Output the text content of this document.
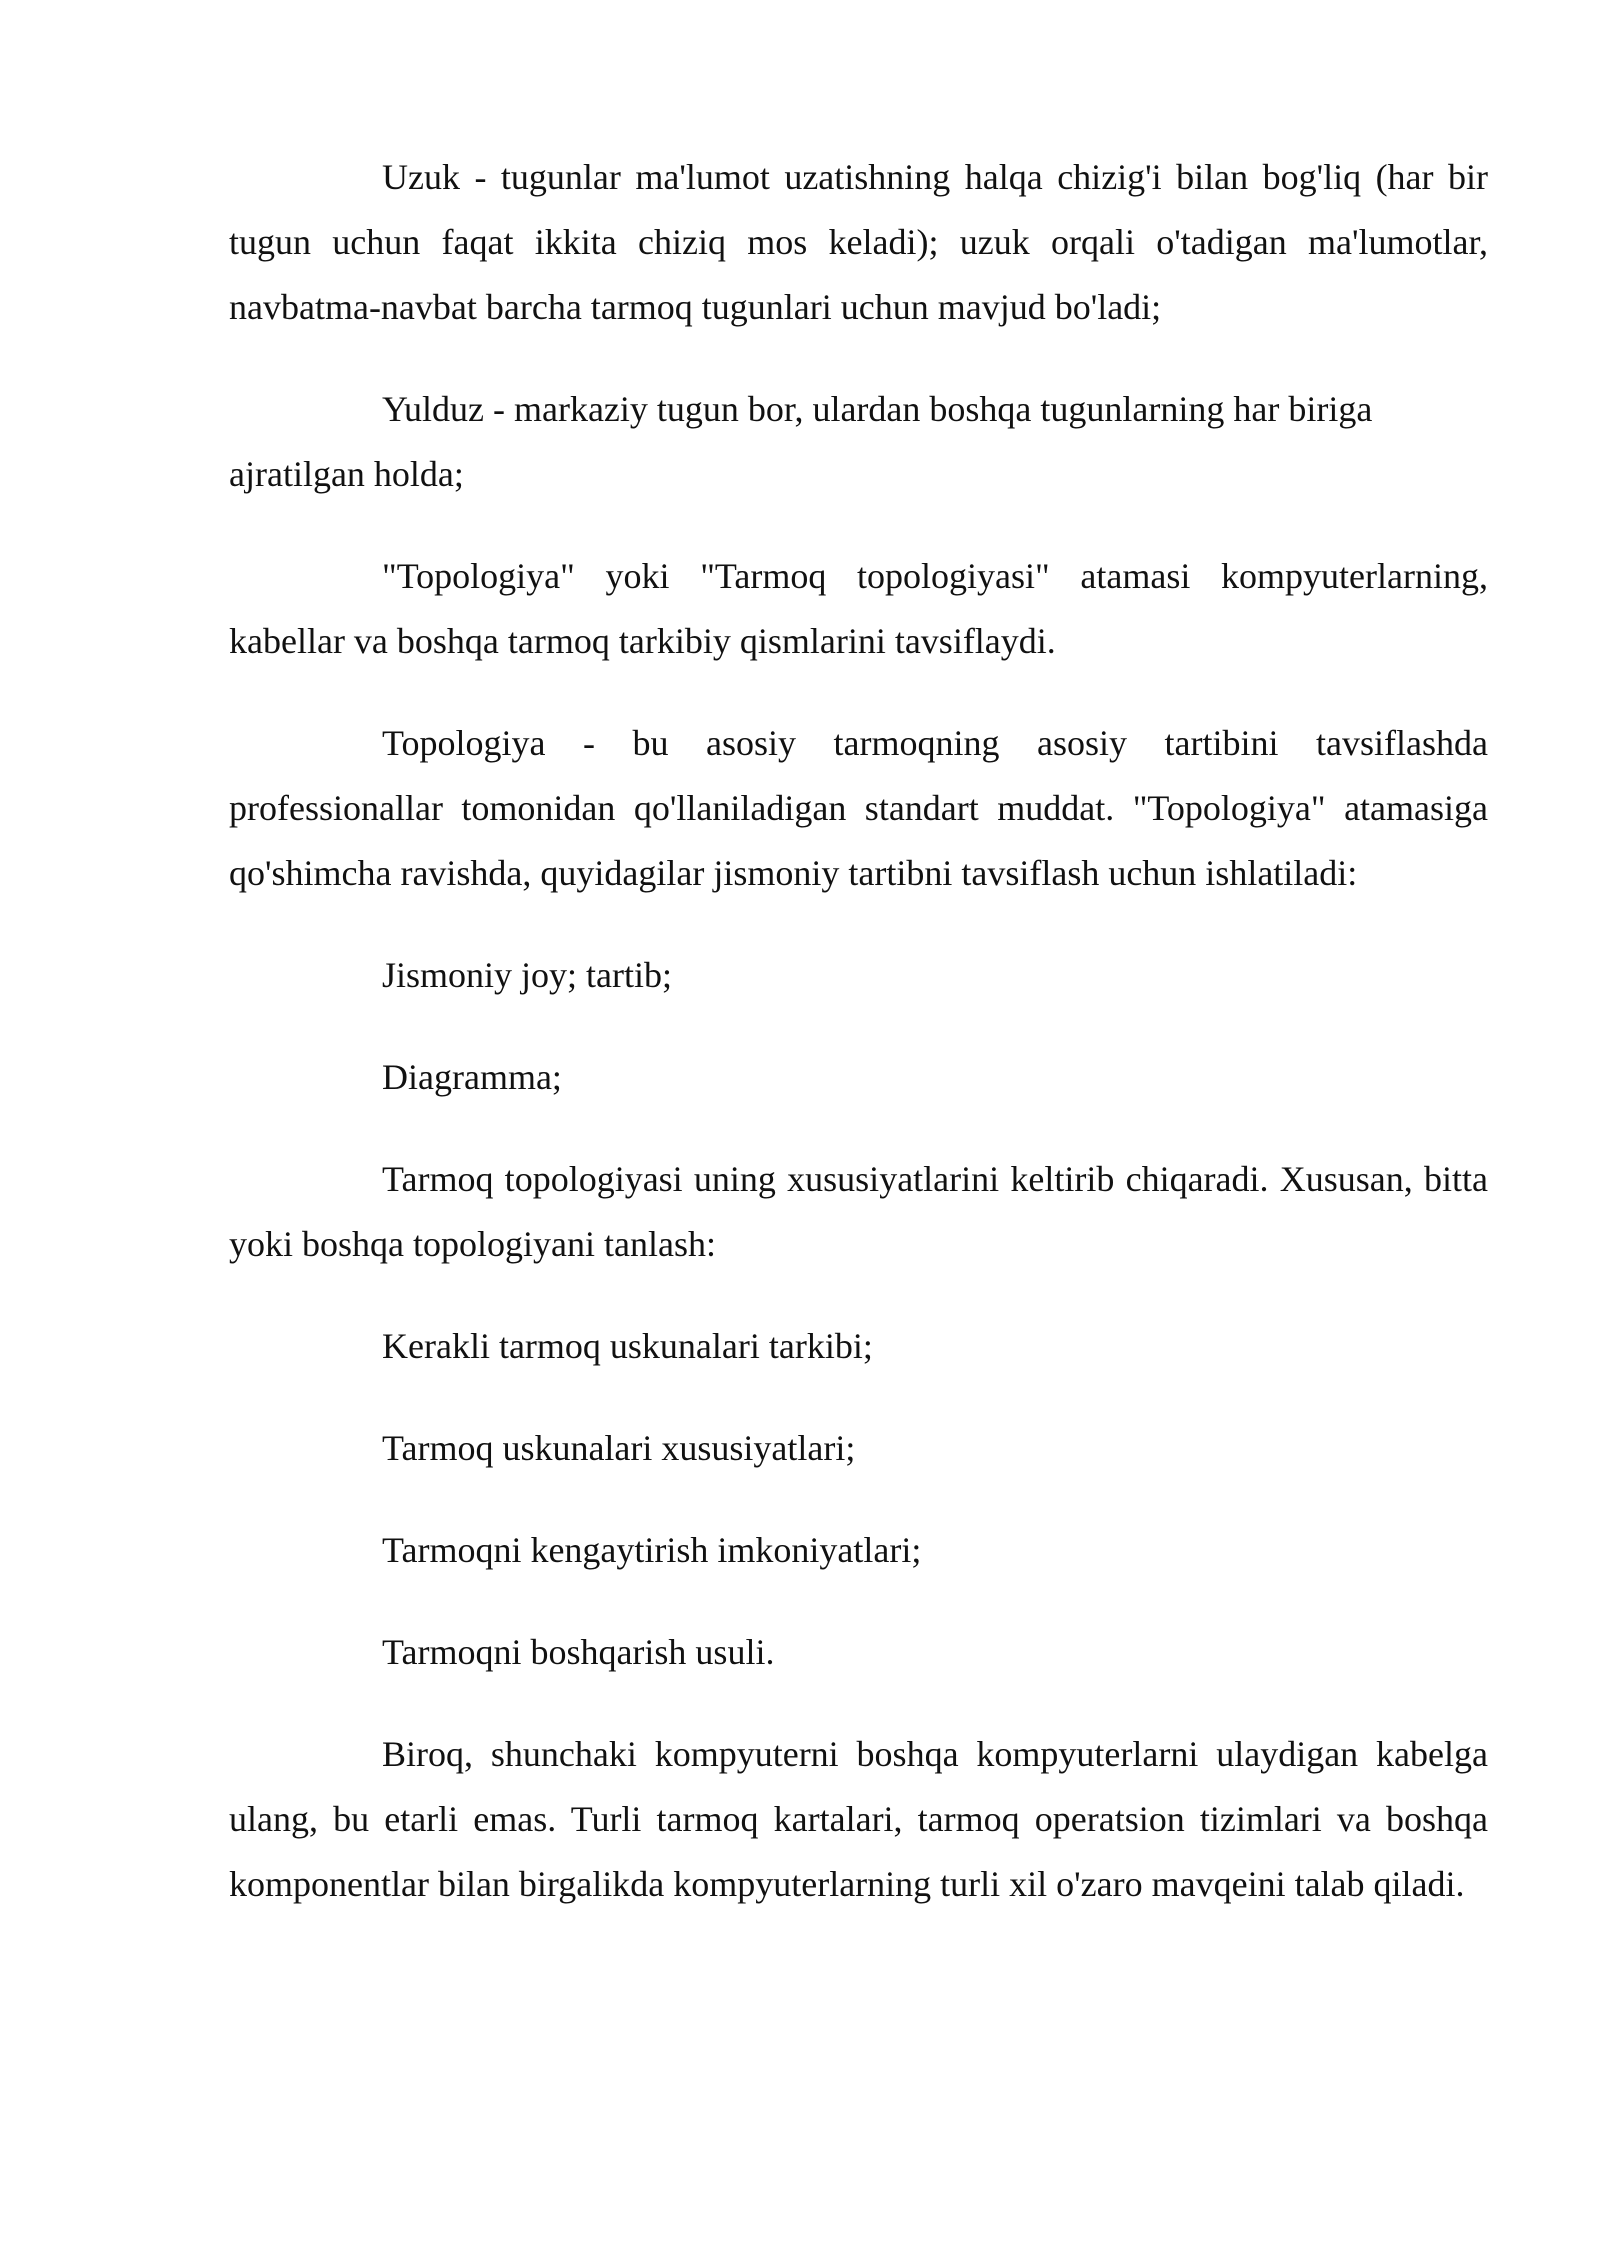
Uzuk - tugunlar ma'lumot uzatishning halqa chizig'i bilan bog'liq (har bir tugun uchun faqat ikkita chiziq mos keladi); uzuk orqali o'tadigan ma'lumotlar, navbatma-navbat barcha tarmoq tugunlari uchun mavjud bo'ladi;

Yulduz - markaziy tugun bor, ulardan boshqa tugunlarning har biriga ajratilgan holda;

"Topologiya" yoki "Tarmoq topologiyasi" atamasi kompyuterlarning, kabellar va boshqa tarmoq tarkibiy qismlarini tavsiflaydi.

Topologiya - bu asosiy tarmoqning asosiy tartibini tavsiflashda professionallar tomonidan qo'llaniladigan standart muddat. "Topologiya" atamasiga qo'shimcha ravishda, quyidagilar jismoniy tartibni tavsiflash uchun ishlatiladi:

Jismoniy joy; tartib;

Diagramma;

Tarmoq topologiyasi uning xususiyatlarini keltirib chiqaradi. Xususan, bitta yoki boshqa topologiyani tanlash:

Kerakli tarmoq uskunalari tarkibi;

Tarmoq uskunalari xususiyatlari;

Tarmoqni kengaytirish imkoniyatlari;

Tarmoqni boshqarish usuli.

Biroq, shunchaki kompyuterni boshqa kompyuterlarni ulaydigan kabelga ulang, bu etarli emas. Turli tarmoq kartalari, tarmoq operatsion tizimlari va boshqa komponentlar bilan birgalikda kompyuterlarning turli xil o'zaro mavqeini talab qiladi.
